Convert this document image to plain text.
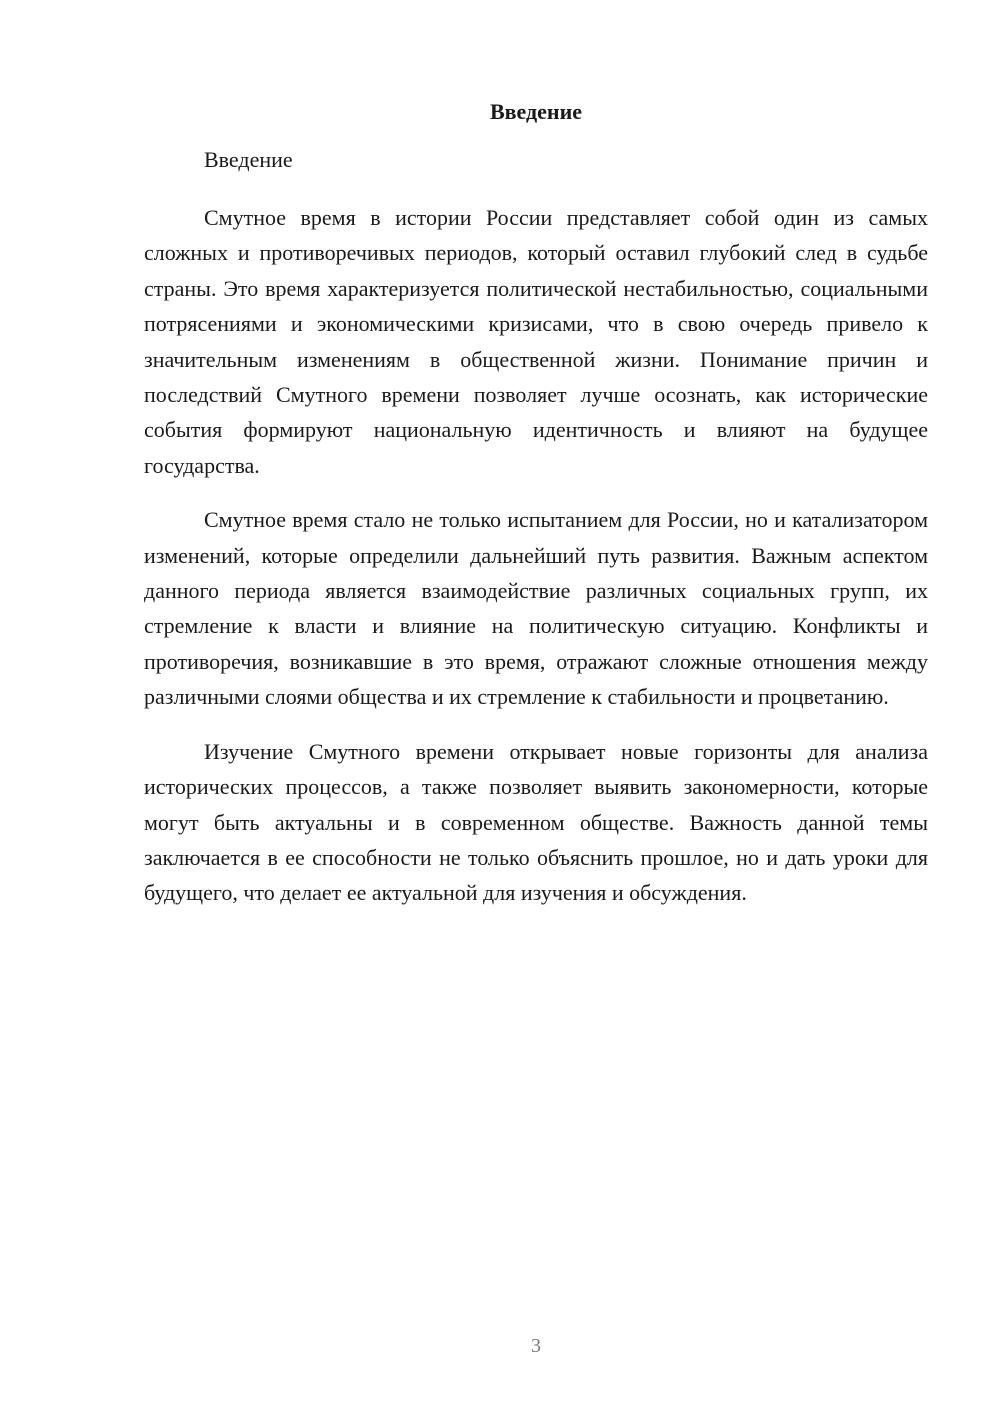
Введение

Введение

Смутное время в истории России представляет собой один из самых сложных и противоречивых периодов, который оставил глубокий след в судьбе страны. Это время характеризуется политической нестабильностью, социальными потрясениями и экономическими кризисами, что в свою очередь привело к значительным изменениям в общественной жизни. Понимание причин и последствий Смутного времени позволяет лучше осознать, как исторические события формируют национальную идентичность и влияют на будущее государства.

Смутное время стало не только испытанием для России, но и катализатором изменений, которые определили дальнейший путь развития. Важным аспектом данного периода является взаимодействие различных социальных групп, их стремление к власти и влияние на политическую ситуацию. Конфликты и противоречия, возникавшие в это время, отражают сложные отношения между различными слоями общества и их стремление к стабильности и процветанию.

Изучение Смутного времени открывает новые горизонты для анализа исторических процессов, а также позволяет выявить закономерности, которые могут быть актуальны и в современном обществе. Важность данной темы заключается в ее способности не только объяснить прошлое, но и дать уроки для будущего, что делает ее актуальной для изучения и обсуждения.

3
